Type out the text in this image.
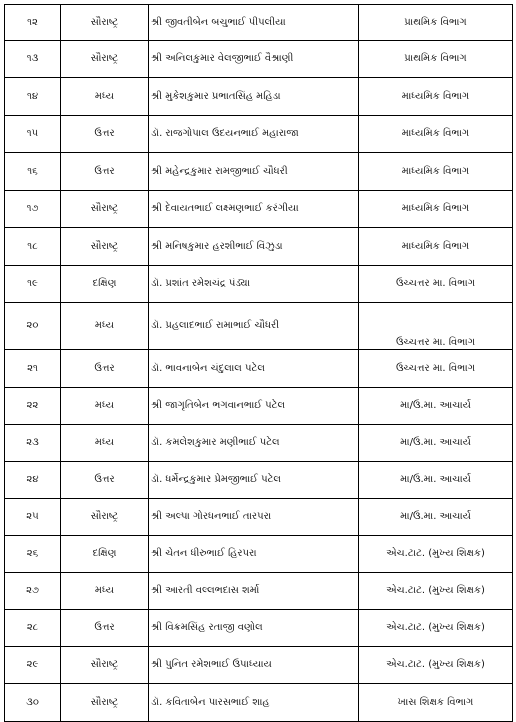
૧૨	સૌરાષ્ટ્ર	શ્રી જીવતીબેન બચુભાઈ પીપલીયા	પ્રાથમિક વિભાગ
૧૩	સૌરાષ્ટ્ર	શ્રી અનિલકુમાર વેલજીભાઈ વૈશ્રાણી	પ્રાથમિક વિભાગ
૧૪	મધ્ય	શ્રી મુકેશકુમાર પ્રભાતસિંહ મહિડા	માધ્યમિક વિભાગ
૧૫	ઉત્તર	ડૉ. રાજગોપાલ ઉદયનભાઈ મહારાજા	માધ્યમિક વિભાગ
૧૬	ઉત્તર	શ્રી મહેન્દ્રકુમાર રામજીભાઈ ચૌધરી	માધ્યમિક વિભાગ
૧૭	સૌરાષ્ટ્ર	શ્રી દેવાયતભાઈ લક્ષ્મણભાઈ કરંગીયા	માધ્યમિક વિભાગ
૧૮	સૌરાષ્ટ્ર	શ્રી મનિષકુમાર હરશીભાઈ વિંઝુડા	માધ્યમિક વિભાગ
૧૯	દક્ષિણ	ડૉ. પ્રશાંત રમેશચંદ્ર પંડ્યા	ઉચ્ચત્તર મા. વિભાગ
૨૦	મધ્ય	ડૉ. પ્રહલાદભાઈ રામાભાઈ ચૌધરી	ઉચ્ચત્તર મા. વિભાગ
૨૧	ઉત્તર	ડૉ. ભાવનાબેન ચંદુલાલ પટેલ	ઉચ્ચત્તર મા. વિભાગ
૨૨	મધ્ય	શ્રી જાગૃતિબેન ભગવાનભાઈ પટેલ	મા/ઉ.મા. આચાર્ય
૨૩	મધ્ય	ડૉ. કમલેશકુમાર મણીભાઈ પટેલ	મા/ઉ.મા. આચાર્ય
૨૪	ઉત્તર	ડૉ. ધર્મેન્દ્રકુમાર પ્રેમજીભાઈ પટેલ	મા/ઉ.મા. આચાર્ય
૨૫	સૌરાષ્ટ્ર	શ્રી અલ્પા ગોરધનભાઈ તારપરા	મા/ઉ.મા. આચાર્ય
૨૬	દક્ષિણ	શ્રી ચેતન ધીરુભાઈ હિરપરા	એચ.ટાટ. (મુખ્ય શિક્ષક)
૨૭	મધ્ય	શ્રી આરતી વલ્લભદાસ શર્મા	એચ.ટાટ. (મુખ્ય શિક્ષક)
૨૮	ઉત્તર	શ્રી વિક્રમસિંહ રતાજી વણોલ	એચ.ટાટ. (મુખ્ય શિક્ષક)
૨૯	સૌરાષ્ટ્ર	શ્રી પુનિત રમેશભાઈ ઉપાધ્યાય	એચ.ટાટ. (મુખ્ય શિક્ષક)
૩૦	સૌરાષ્ટ્ર	ડૉ. કવિતાબેન પારસભાઈ શાહ	ખાસ શિક્ષક વિભાગ
